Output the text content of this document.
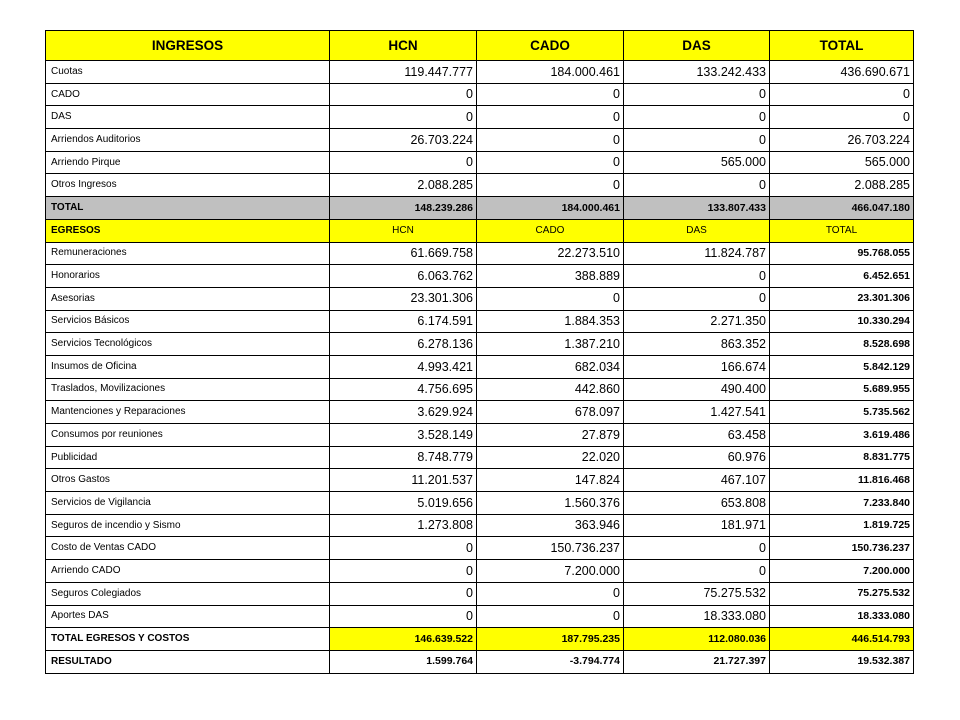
INGRESOS	HCN	CADO	DAS	TOTAL
Cuotas	119.447.777	184.000.461	133.242.433	436.690.671
CADO	0	0	0	0
DAS	0	0	0	0
Arriendos Auditorios	26.703.224	0	0	26.703.224
Arriendo Pirque	0	0	565.000	565.000
Otros Ingresos	2.088.285	0	0	2.088.285
TOTAL	148.239.286	184.000.461	133.807.433	466.047.180
EGRESOS	HCN	CADO	DAS	TOTAL
Remuneraciones	61.669.758	22.273.510	11.824.787	95.768.055
Honorarios	6.063.762	388.889	0	6.452.651
Asesorias	23.301.306	0	0	23.301.306
Servicios Básicos	6.174.591	1.884.353	2.271.350	10.330.294
Servicios Tecnológicos	6.278.136	1.387.210	863.352	8.528.698
Insumos de Oficina	4.993.421	682.034	166.674	5.842.129
Traslados, Movilizaciones	4.756.695	442.860	490.400	5.689.955
Mantenciones y Reparaciones	3.629.924	678.097	1.427.541	5.735.562
Consumos por reuniones	3.528.149	27.879	63.458	3.619.486
Publicidad	8.748.779	22.020	60.976	8.831.775
Otros Gastos	11.201.537	147.824	467.107	11.816.468
Servicios de Vigilancia	5.019.656	1.560.376	653.808	7.233.840
Seguros de incendio y Sismo	1.273.808	363.946	181.971	1.819.725
Costo de Ventas CADO	0	150.736.237	0	150.736.237
Arriendo CADO	0	7.200.000	0	7.200.000
Seguros Colegiados	0	0	75.275.532	75.275.532
Aportes DAS	0	0	18.333.080	18.333.080
TOTAL EGRESOS Y COSTOS	146.639.522	187.795.235	112.080.036	446.514.793
RESULTADO	1.599.764	-3.794.774	21.727.397	19.532.387
